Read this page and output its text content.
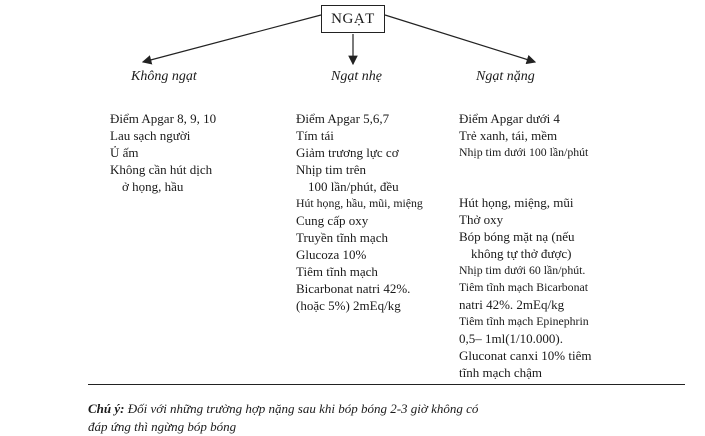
NGẠT
Không ngạt	Ngạt nhẹ	Ngạt nặng
Điểm Apgar 8, 9, 10
Lau sạch người
Ủ ấm
Không cần hút dịch
ở họng, hầu
Điểm Apgar 5,6,7
Tím tái
Giảm trương lực cơ
Nhịp tim trên
100 lần/phút, đều
Hút họng, hầu, mũi, miệng
Cung cấp oxy
Truyền tĩnh mạch
Glucoza 10%
Tiêm tĩnh mạch
Bicarbonat natri 42%.
(hoặc 5%) 2mEq/kg
Điểm Apgar dưới 4
Trẻ xanh, tái, mềm
Nhịp tim dưới 100 lần/phút
Hút họng, miệng, mũi
Thở oxy
Bóp bóng mặt nạ (nếu
không tự thở được)
Nhịp tim dưới 60 lần/phút.
Tiêm tĩnh mạch Bicarbonat
natri 42%. 2mEq/kg
Tiêm tĩnh mạch Epinephrin
0,5– 1ml(1/10.000).
Gluconat canxi 10% tiêm
tĩnh mạch chậm
Chú ý: Đối với những trường hợp nặng sau khi bóp bóng 2-3 giờ không có
đáp ứng thì ngừng bóp bóng
